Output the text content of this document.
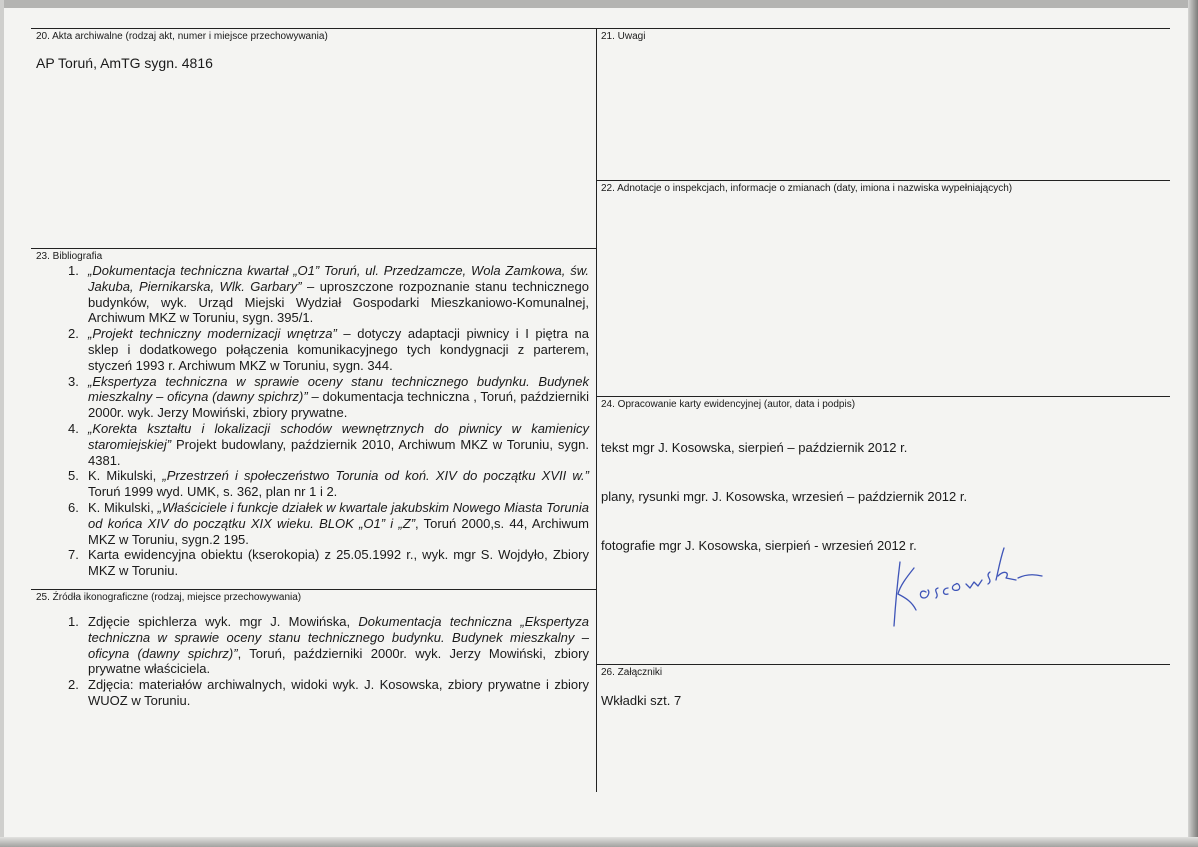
20. Akta archiwalne (rodzaj akt, numer i miejsce przechowywania)
AP Toruń, AmTG sygn. 4816
21. Uwagi
22. Adnotacje o inspekcjach, informacje o zmianach (daty, imiona i nazwiska wypełniających)
23. Bibliografia
1. „Dokumentacja techniczna kwartał „O1” Toruń, ul. Przedzamcze, Wola Zamkowa, św. Jakuba, Piernikarska, Wlk. Garbary” – uproszczone rozpoznanie stanu technicznego budynków, wyk. Urząd Miejski Wydział Gospodarki Mieszkaniowo-Komunalnej, Archiwum MKZ w Toruniu, sygn. 395/1.
2. „Projekt techniczny modernizacji wnętrza” – dotyczy adaptacji piwnicy i I piętra na sklep i dodatkowego połączenia komunikacyjnego tych kondygnacji z parterem, styczeń 1993 r. Archiwum MKZ w Toruniu, sygn. 344.
3. „Ekspertyza techniczna w sprawie oceny stanu technicznego budynku. Budynek mieszkalny – oficyna (dawny spichrz)” – dokumentacja techniczna , Toruń, październiki 2000r. wyk. Jerzy Mowiński, zbiory prywatne.
4. „Korekta kształtu i lokalizacji schodów wewnętrznych do piwnicy w kamienicy staromiejskiej” Projekt budowlany, październik 2010, Archiwum MKZ w Toruniu, sygn. 4381.
5. K. Mikulski, „Przestrzeń i społeczeństwo Torunia od koń. XIV do początku XVII w.” Toruń 1999 wyd. UMK, s. 362, plan nr 1 i 2.
6. K. Mikulski, „Właściciele i funkcje działek w kwartale jakubskim Nowego Miasta Torunia od końca XIV do początku XIX wieku. BLOK „O1” i „Z”, Toruń 2000,s. 44, Archiwum MKZ w Toruniu, sygn.2 195.
7. Karta ewidencyjna obiektu (kserokopia) z 25.05.1992 r., wyk. mgr S. Wojdyło, Zbiory MKZ w Toruniu.
25. Źródła ikonograficzne (rodzaj, miejsce przechowywania)
1. Zdjęcie spichlerza wyk. mgr J. Mowińska, Dokumentacja techniczna „Ekspertyza techniczna w sprawie oceny stanu technicznego budynku. Budynek mieszkalny – oficyna (dawny spichrz)”, Toruń, październiki 2000r. wyk. Jerzy Mowiński, zbiory prywatne właściciela.
2. Zdjęcia: materiałów archiwalnych, widoki wyk. J. Kosowska, zbiory prywatne i zbiory WUOZ w Toruniu.
24. Opracowanie karty ewidencyjnej (autor, data i podpis)
tekst mgr J. Kosowska, sierpień – październik 2012 r.
plany, rysunki mgr. J. Kosowska, wrzesień – październik 2012 r.
fotografie mgr J. Kosowska, sierpień - wrzesień 2012 r.
26. Załączniki
Wkładki szt. 7
